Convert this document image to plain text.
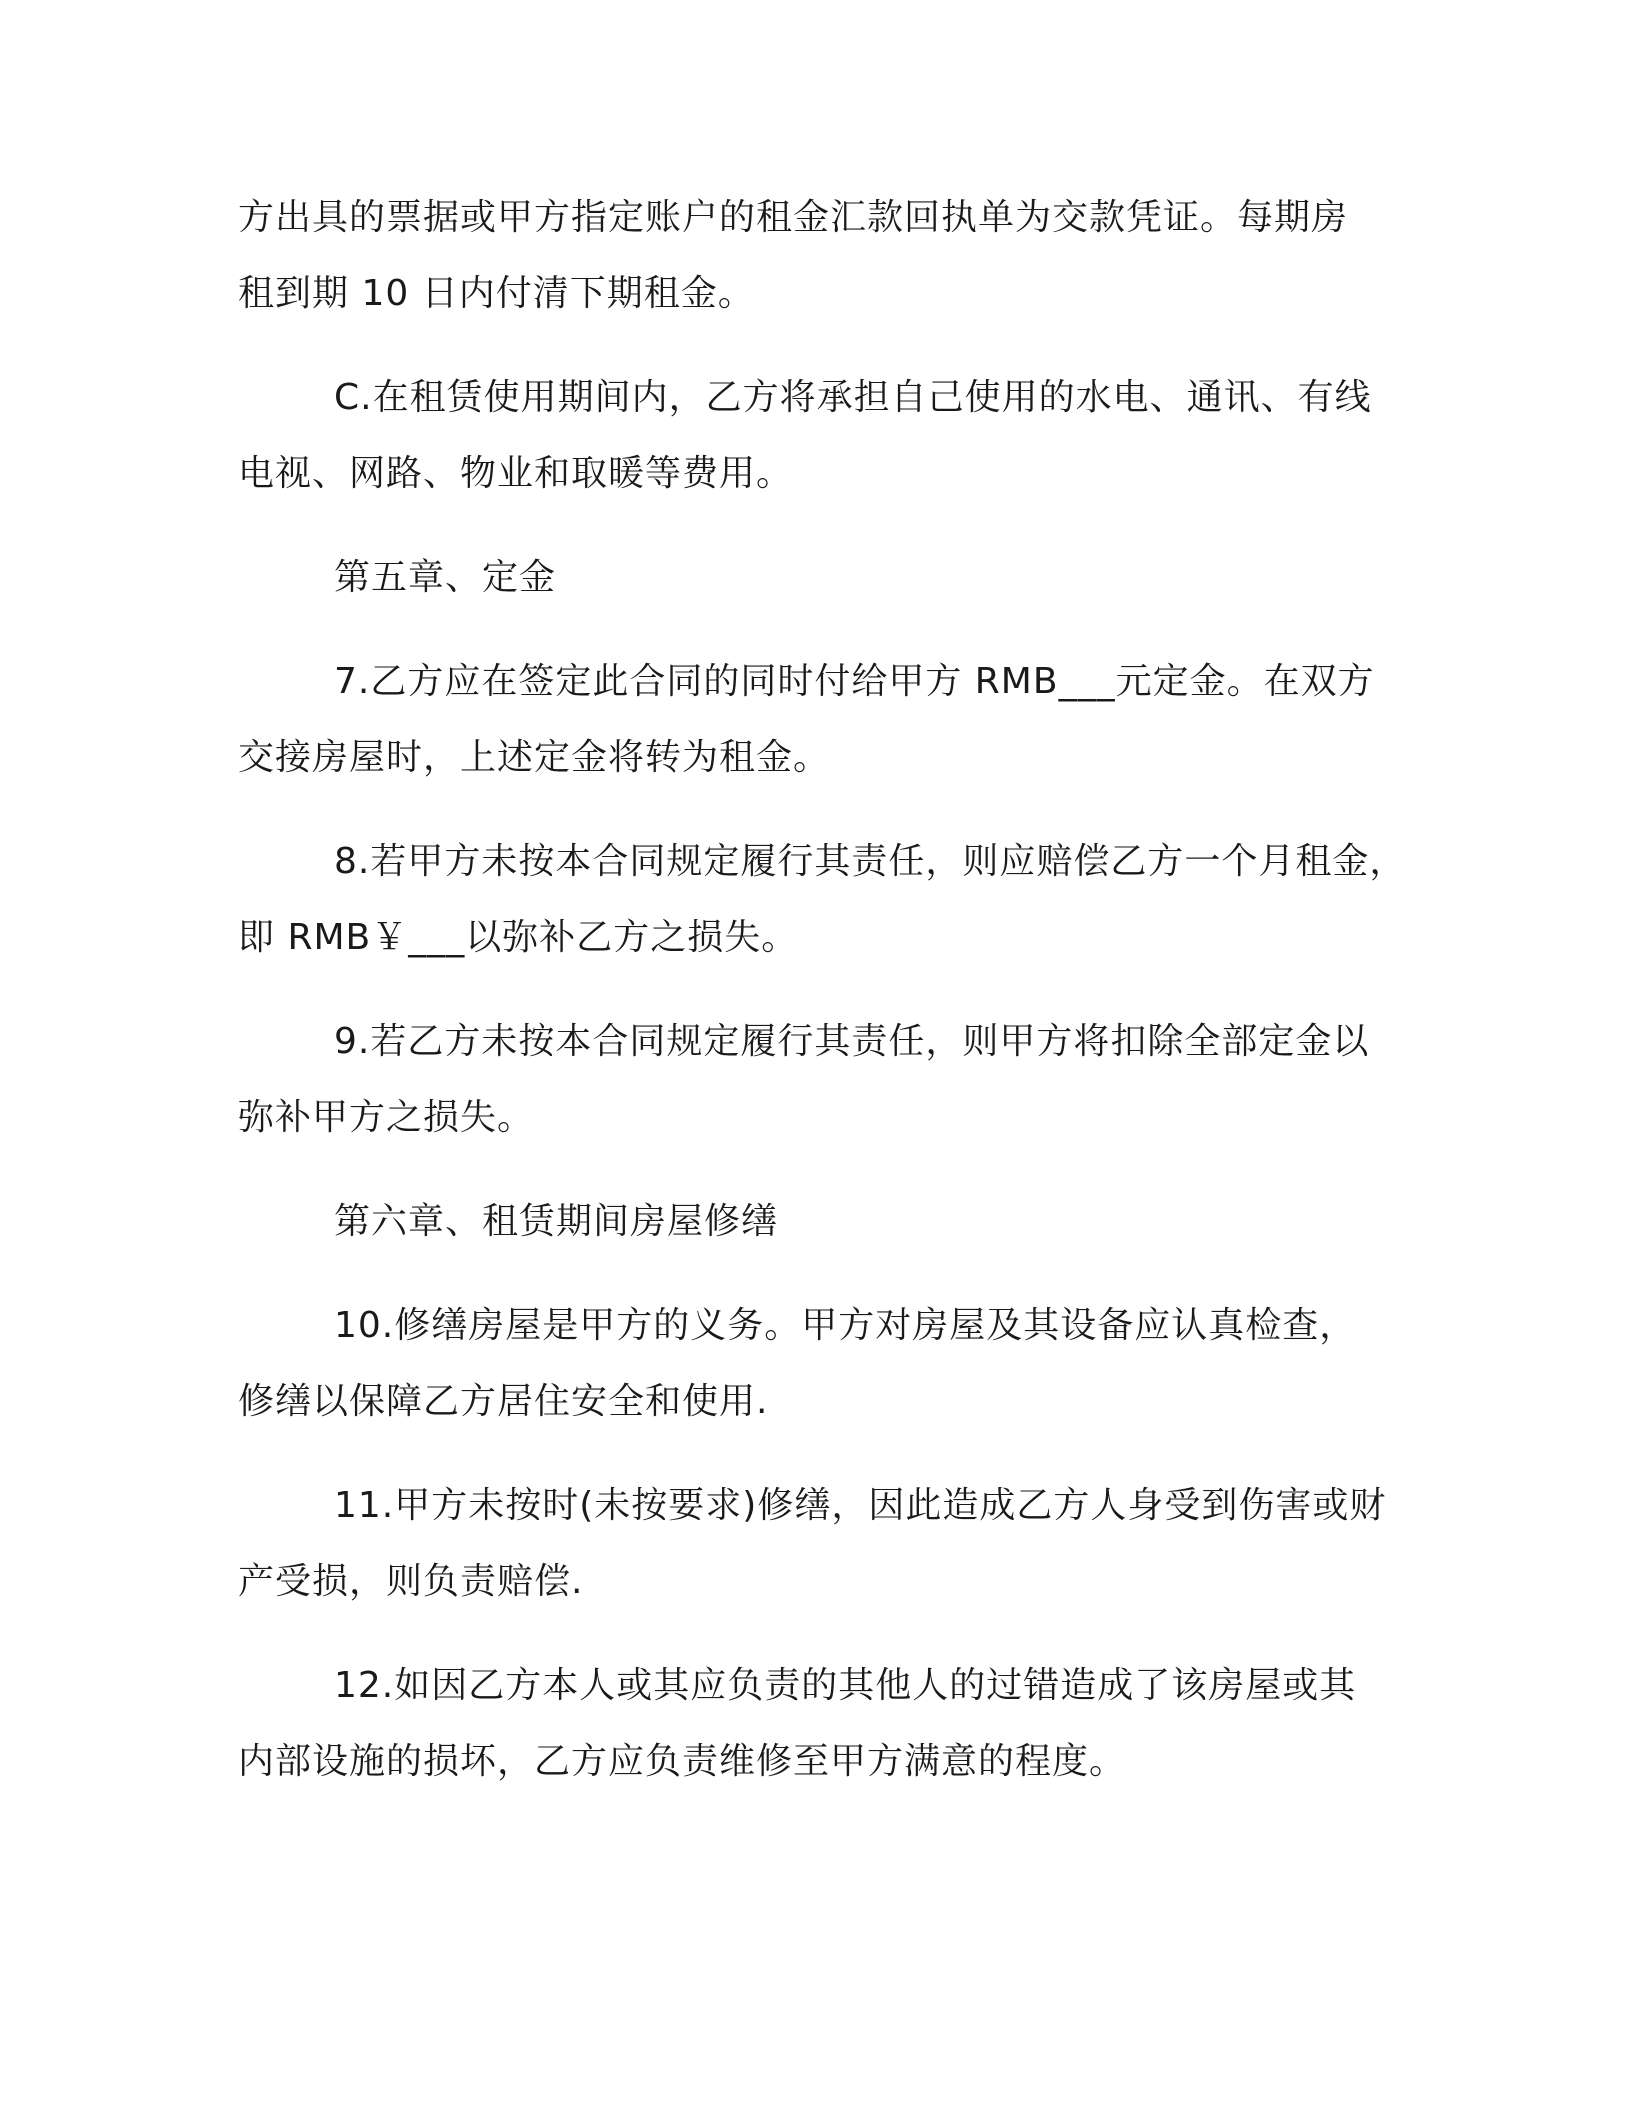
方出具的票据或甲方指定账户的租金汇款回执单为交款凭证。每期房
租到期 10 日内付清下期租金。
C.在租赁使用期间内，乙方将承担自己使用的水电、通讯、有线
电视、网路、物业和取暖等费用。
第五章、定金
7.乙方应在签定此合同的同时付给甲方 RMB___元定金。在双方
交接房屋时，上述定金将转为租金。
8.若甲方未按本合同规定履行其责任，则应赔偿乙方一个月租金，
即 RMB￥___以弥补乙方之损失。
9.若乙方未按本合同规定履行其责任，则甲方将扣除全部定金以
弥补甲方之损失。
第六章、租赁期间房屋修缮
10.修缮房屋是甲方的义务。甲方对房屋及其设备应认真检查，
修缮以保障乙方居住安全和使用.
11.甲方未按时(未按要求)修缮，因此造成乙方人身受到伤害或财
产受损，则负责赔偿.
12.如因乙方本人或其应负责的其他人的过错造成了该房屋或其
内部设施的损坏，乙方应负责维修至甲方满意的程度。
